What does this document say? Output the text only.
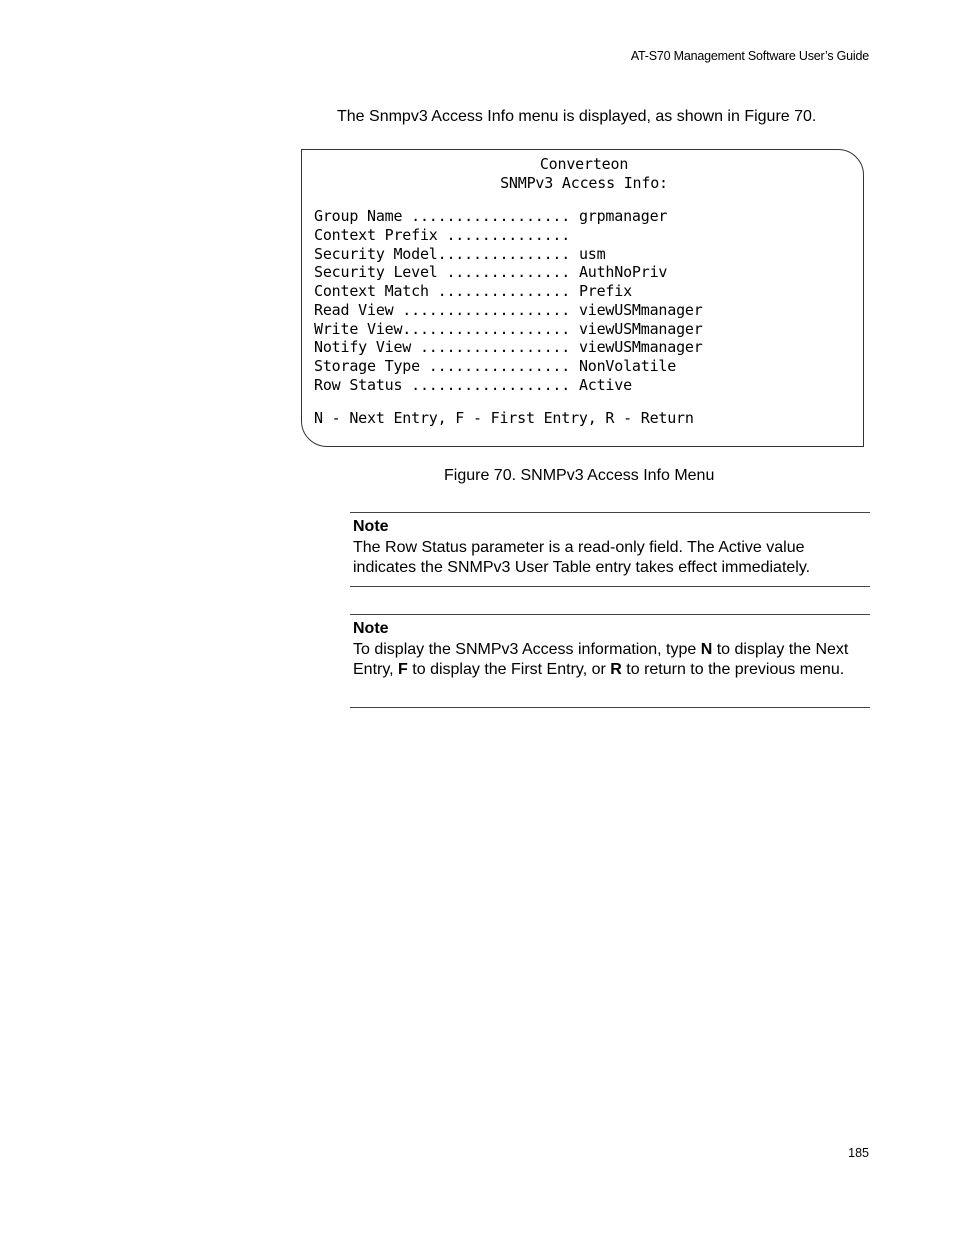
AT-S70 Management Software User’s Guide
The Snmpv3 Access Info menu is displayed, as shown in Figure 70.
Converteon
SNMPv3 Access Info:
Group Name .................. grpmanager
Context Prefix ..............
Security Model............... usm
Security Level .............. AuthNoPriv
Context Match ............... Prefix
Read View ................... viewUSMmanager
Write View................... viewUSMmanager
Notify View ................. viewUSMmanager
Storage Type ................ NonVolatile
Row Status .................. Active
N - Next Entry, F - First Entry, R - Return
Figure 70. SNMPv3 Access Info Menu
Note
The Row Status parameter is a read-only field. The Active value indicates the SNMPv3 User Table entry takes effect immediately.
Note
To display the SNMPv3 Access information, type N to display the Next Entry, F to display the First Entry, or R to return to the previous menu.
185
